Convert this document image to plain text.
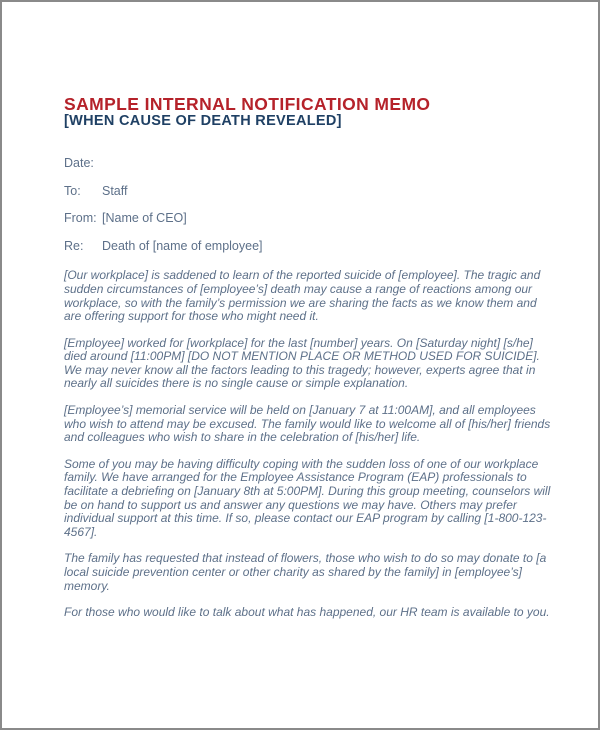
SAMPLE INTERNAL NOTIFICATION MEMO
[WHEN CAUSE OF DEATH REVEALED]
Date:
To:	Staff
From: [Name of CEO]
Re:	Death of [name of employee]

[Our workplace] is saddened to learn of the reported suicide of [employee]. The tragic and sudden circumstances of [employee’s] death may cause a range of reactions among our workplace, so with the family’s permission we are sharing the facts as we know them and are offering support for those who might need it.

[Employee] worked for [workplace] for the last [number] years. On [Saturday night] [s/he] died around [11:00PM] [DO NOT MENTION PLACE OR METHOD USED FOR SUICIDE]. We may never know all the factors leading to this tragedy; however, experts agree that in nearly all suicides there is no single cause or simple explanation.

[Employee’s] memorial service will be held on [January 7 at 11:00AM], and all employees who wish to attend may be excused. The family would like to welcome all of [his/her] friends and colleagues who wish to share in the celebration of [his/her] life.

Some of you may be having difficulty coping with the sudden loss of one of our workplace family. We have arranged for the Employee Assistance Program (EAP) professionals to facilitate a debriefing on [January 8th at 5:00PM]. During this group meeting, counselors will be on hand to support us and answer any questions we may have. Others may prefer individual support at this time. If so, please contact our EAP program by calling [1-800-123-4567].

The family has requested that instead of flowers, those who wish to do so may donate to [a local suicide prevention center or other charity as shared by the family] in [employee’s] memory.

For those who would like to talk about what has happened, our HR team is available to you.
